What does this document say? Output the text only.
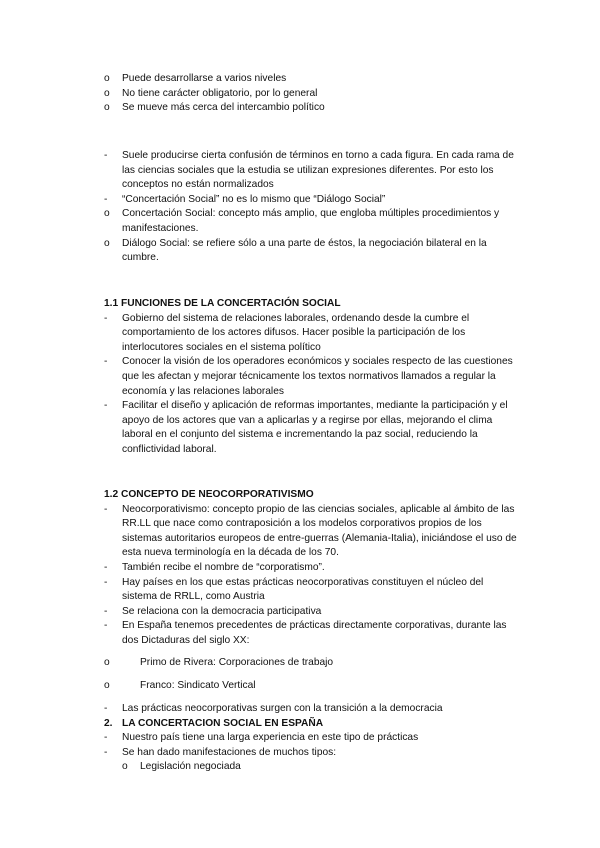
o Puede desarrollarse a varios niveles
o No tiene carácter obligatorio, por lo general
o Se mueve más cerca del intercambio político
- Suele producirse cierta confusión de términos en torno a cada figura. En cada rama de las ciencias sociales que la estudia se utilizan expresiones diferentes. Por esto los conceptos no están normalizados
- “Concertación Social” no es lo mismo que “Diálogo Social”
o Concertación Social: concepto más amplio, que engloba múltiples procedimientos y manifestaciones.
o Diálogo Social: se refiere sólo a una parte de éstos, la negociación bilateral en la cumbre.
1.1 FUNCIONES DE LA CONCERTACIÓN SOCIAL
- Gobierno del sistema de relaciones laborales, ordenando desde la cumbre el comportamiento de los actores difusos. Hacer posible la participación de los interlocutores sociales en el sistema político
- Conocer la visión de los operadores económicos y sociales respecto de las cuestiones que les afectan y mejorar técnicamente los textos normativos llamados a regular la economía y las relaciones laborales
- Facilitar el diseño y aplicación de reformas importantes, mediante la participación y el apoyo de los actores que van a aplicarlas y a regirse por ellas, mejorando el clima laboral en el conjunto del sistema e incrementando la paz social, reduciendo la conflictividad laboral.
1.2 CONCEPTO DE NEOCORPORATIVISMO
- Neocorporativismo: concepto propio de las ciencias sociales, aplicable al ámbito de las RR.LL que nace como contraposición a los modelos corporativos propios de los sistemas autoritarios europeos de entre-guerras (Alemania-Italia), iniciándose el uso de esta nueva terminología en la década de los 70.
- También recibe el nombre de “corporatismo”.
- Hay países en los que estas prácticas neocorporativas constituyen el núcleo del sistema de RRLL, como Austria
- Se relaciona con la democracia participativa
- En España tenemos precedentes de prácticas directamente corporativas, durante las dos Dictaduras del siglo XX:
o	Primo de Rivera: Corporaciones de trabajo
o	Franco: Sindicato Vertical
- Las prácticas neocorporativas surgen con la transición a la democracia
2. LA CONCERTACION SOCIAL EN ESPAÑA
- Nuestro país tiene una larga experiencia en este tipo de prácticas
- Se han dado manifestaciones de muchos tipos:
o Legislación negociada
